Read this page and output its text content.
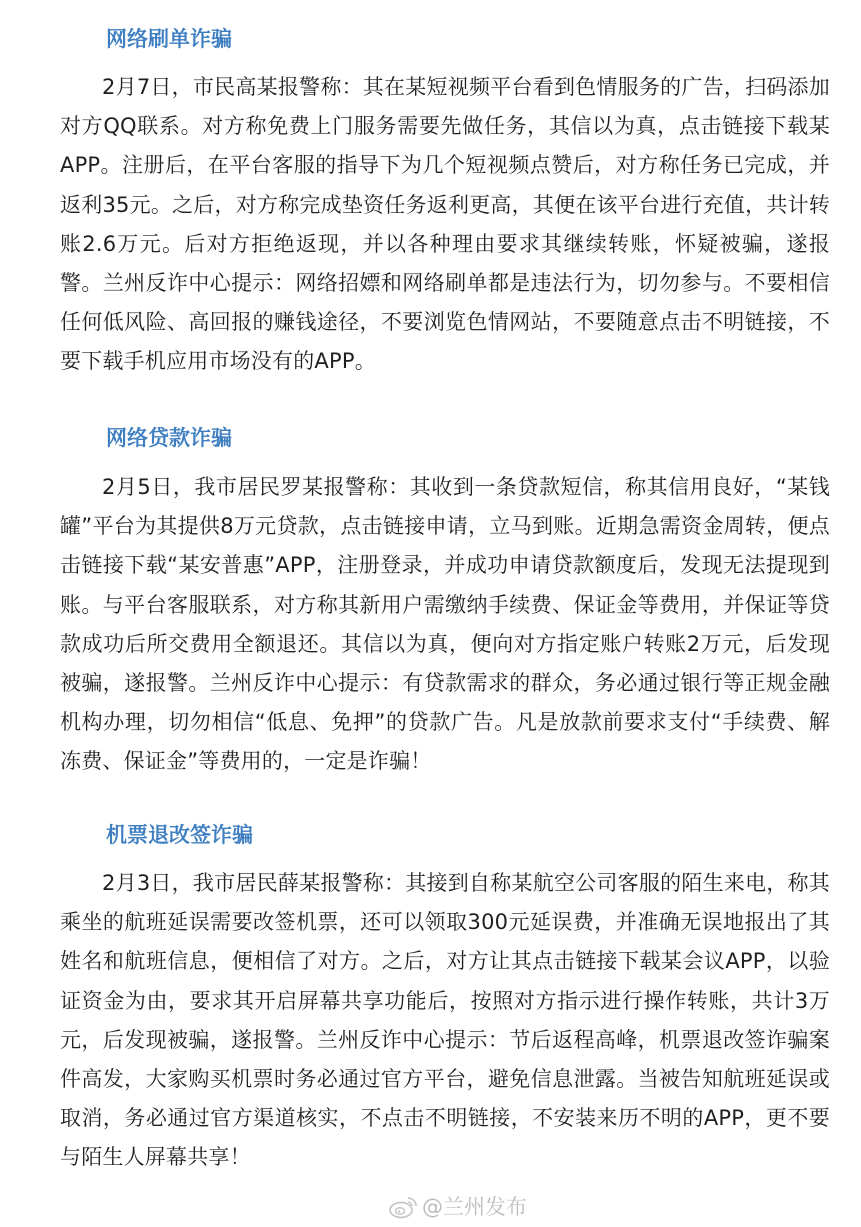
网络刷单诈骗
2月7日，市民高某报警称：其在某短视频平台看到色情服务的广告，扫码添加对方QQ联系。对方称免费上门服务需要先做任务，其信以为真，点击链接下载某APP。注册后，在平台客服的指导下为几个短视频点赞后，对方称任务已完成，并返利35元。之后，对方称完成垫资任务返利更高，其便在该平台进行充值，共计转账2.6万元。后对方拒绝返现，并以各种理由要求其继续转账，怀疑被骗，遂报警。兰州反诈中心提示：网络招嫖和网络刷单都是违法行为，切勿参与。不要相信任何低风险、高回报的赚钱途径，不要浏览色情网站，不要随意点击不明链接，不要下载手机应用市场没有的APP。
网络贷款诈骗
2月5日，我市居民罗某报警称：其收到一条贷款短信，称其信用良好，“某钱罐”平台为其提供8万元贷款，点击链接申请，立马到账。近期急需资金周转，便点击链接下载“某安普惠”APP，注册登录，并成功申请贷款额度后，发现无法提现到账。与平台客服联系，对方称其新用户需缴纳手续费、保证金等费用，并保证等贷款成功后所交费用全额退还。其信以为真，便向对方指定账户转账2万元，后发现被骗，遂报警。兰州反诈中心提示：有贷款需求的群众，务必通过银行等正规金融机构办理，切勿相信“低息、免押”的贷款广告。凡是放款前要求支付“手续费、解冻费、保证金”等费用的，一定是诈骗！
机票退改签诈骗
2月3日，我市居民薛某报警称：其接到自称某航空公司客服的陌生来电，称其乘坐的航班延误需要改签机票，还可以领取300元延误费，并准确无误地报出了其姓名和航班信息，便相信了对方。之后，对方让其点击链接下载某会议APP，以验证资金为由，要求其开启屏幕共享功能后，按照对方指示进行操作转账，共计3万元，后发现被骗，遂报警。兰州反诈中心提示：节后返程高峰，机票退改签诈骗案件高发，大家购买机票时务必通过官方平台，避免信息泄露。当被告知航班延误或取消，务必通过官方渠道核实，不点击不明链接，不安装来历不明的APP，更不要与陌生人屏幕共享！
@兰州发布
